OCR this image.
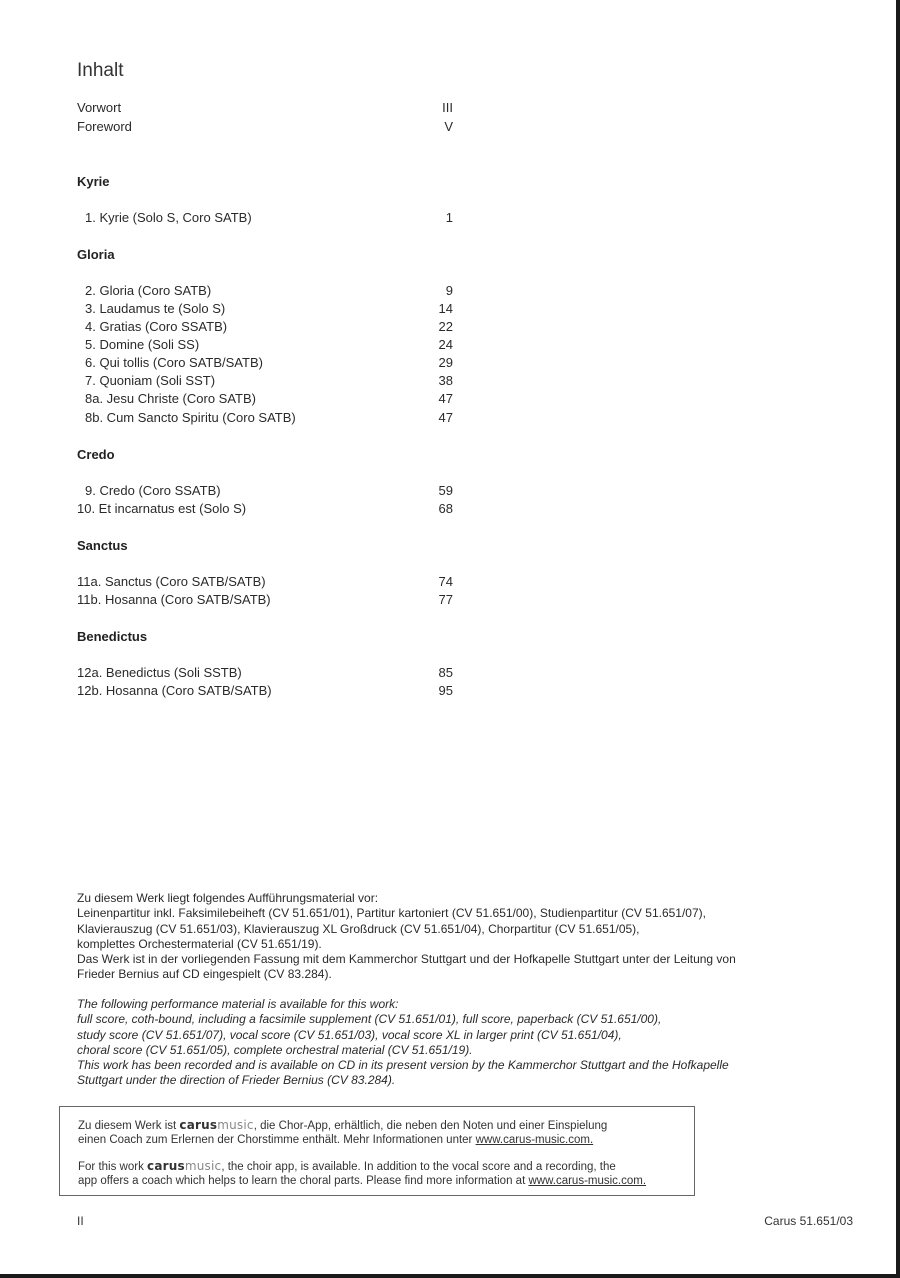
Inhalt
Vorwort	III
Foreword	V
Kyrie
1. Kyrie (Solo S, Coro SATB)	1
Gloria
2. Gloria (Coro SATB)	9
3. Laudamus te (Solo S)	14
4. Gratias (Coro SSATB)	22
5. Domine (Soli SS)	24
6. Qui tollis (Coro SATB/SATB)	29
7. Quoniam (Soli SST)	38
8a. Jesu Christe (Coro SATB)	47
8b. Cum Sancto Spiritu (Coro SATB)	47
Credo
9. Credo (Coro SSATB)	59
10. Et incarnatus est (Solo S)	68
Sanctus
11a. Sanctus (Coro SATB/SATB)	74
11b. Hosanna (Coro SATB/SATB)	77
Benedictus
12a. Benedictus (Soli SSTB)	85
12b. Hosanna (Coro SATB/SATB)	95

Zu diesem Werk liegt folgendes Aufführungsmaterial vor:

Leinenpartitur inkl. Faksimilebeiheft (CV 51.651/01), Partitur kartoniert (CV 51.651/00), Studienpartitur (CV 51.651/07),

Klavierauszug (CV 51.651/03), Klavierauszug XL Großdruck (CV 51.651/04), Chorpartitur (CV 51.651/05),

komplettes Orchestermaterial (CV 51.651/19).

Das Werk ist in der vorliegenden Fassung mit dem Kammerchor Stuttgart und der Hofkapelle Stuttgart unter der Leitung von

Frieder Bernius auf CD eingespielt (CV 83.284).

The following performance material is available for this work:

full score, coth-bound, including a facsimile supplement (CV 51.651/01), full score, paperback (CV 51.651/00),

study score (CV 51.651/07), vocal score (CV 51.651/03), vocal score XL in larger print (CV 51.651/04),

choral score (CV 51.651/05), complete orchestral material (CV 51.651/19).

This work has been recorded and is available on CD in its present version by the Kammerchor Stuttgart and the Hofkapelle

Stuttgart under the direction of Frieder Bernius (CV 83.284).

Zu diesem Werk ist carusmusic, die Chor-App, erhältlich, die neben den Noten und einer Einspielung
einen Coach zum Erlernen der Chorstimme enthält. Mehr Informationen unter www.carus-music.com.
For this work carusmusic, the choir app, is available. In addition to the vocal score and a recording, the
app offers a coach which helps to learn the choral parts. Please find more information at www.carus-music.com.
II	Carus 51.651/03
